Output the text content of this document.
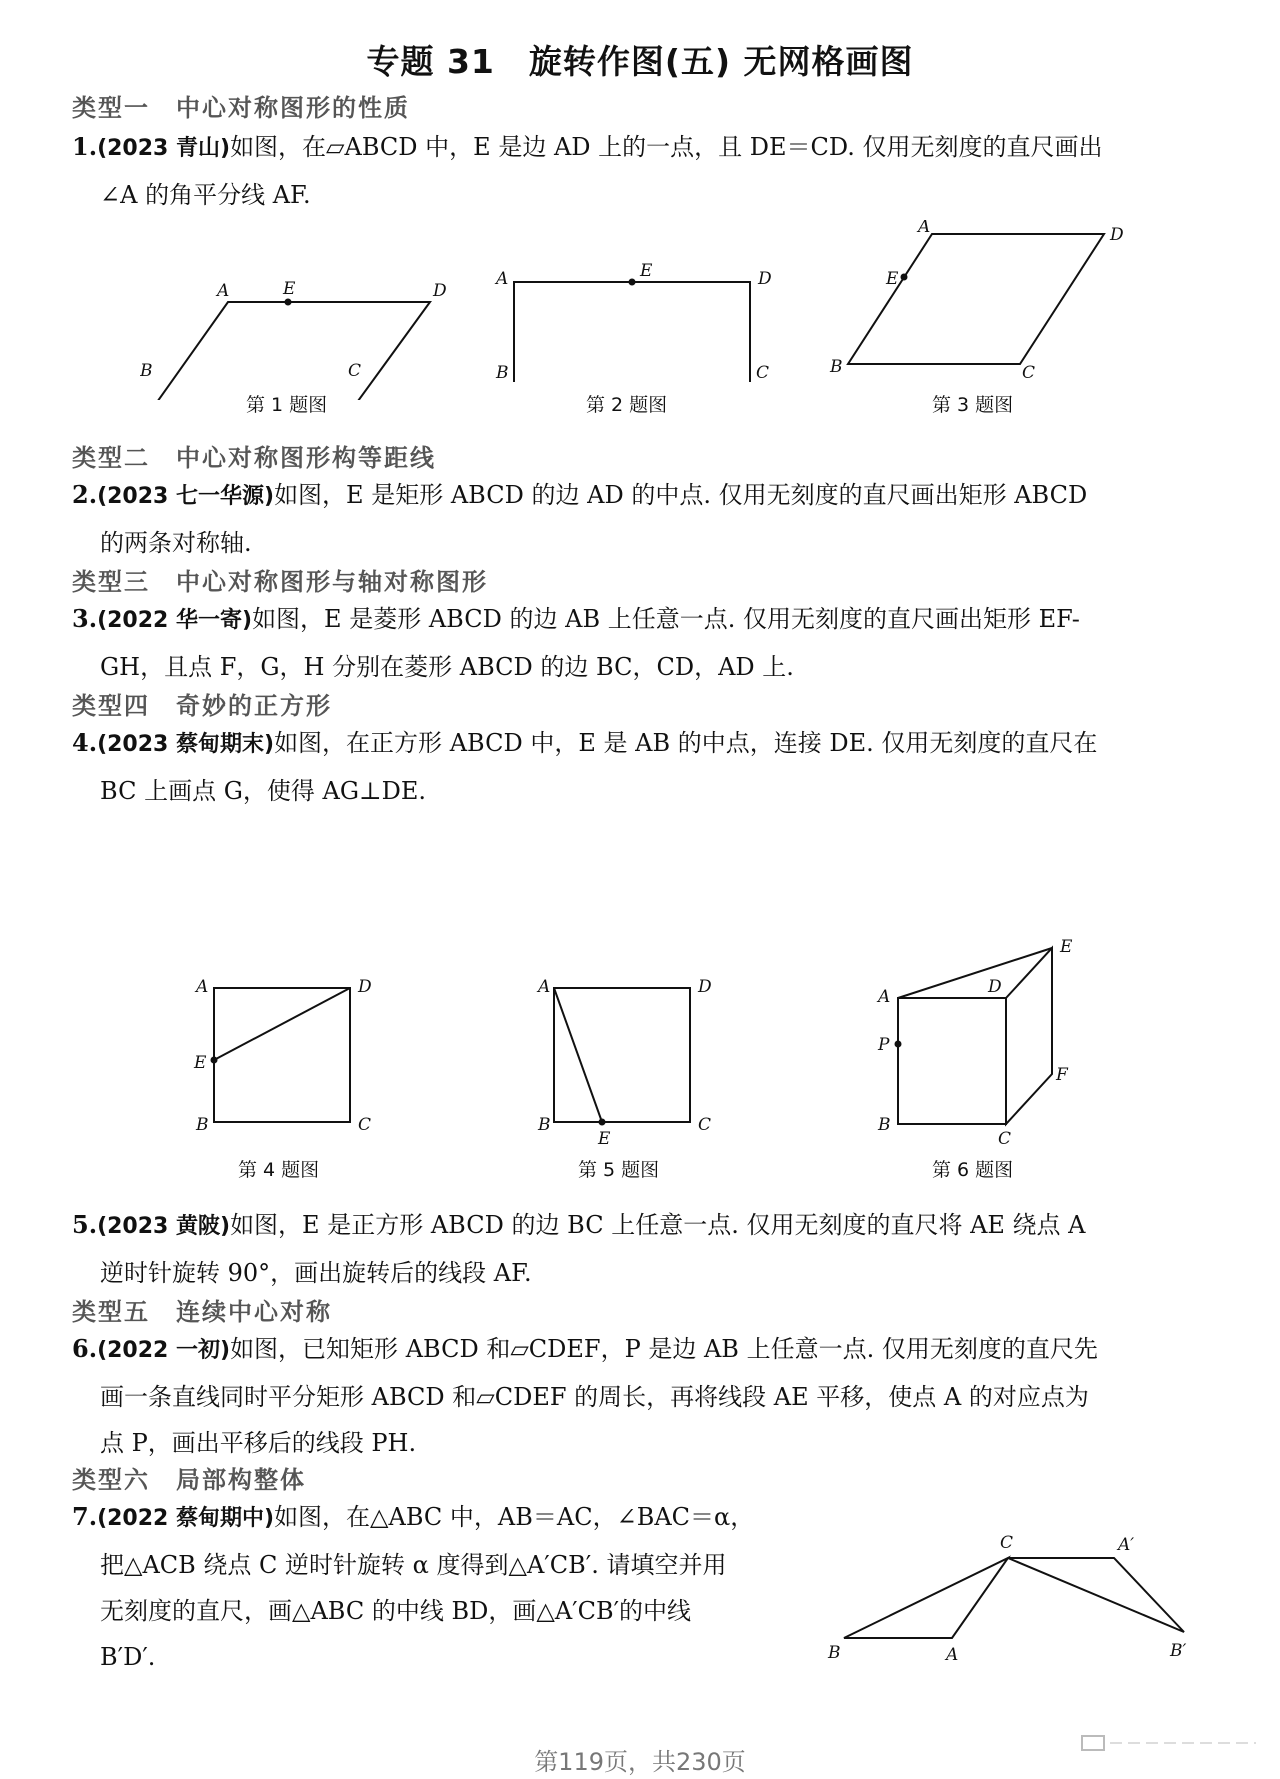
专题 31　旋转作图(五) 无网格画图
类型一　中心对称图形的性质
1.(2023 青山)如图，在▱ABCD 中，E 是边 AD 上的一点，且 DE＝CD. 仅用无刻度的直尺画出
∠A 的角平分线 AF.
A	E	D
B	C
第 1 题图
A	E	D
B	C
第 2 题图
A	D
E
B	C
第 3 题图
类型二　中心对称图形构等距线
2.(2023 七一华源)如图，E 是矩形 ABCD 的边 AD 的中点. 仅用无刻度的直尺画出矩形 ABCD
的两条对称轴.
类型三　中心对称图形与轴对称图形
3.(2022 华一寄)如图，E 是菱形 ABCD 的边 AB 上任意一点. 仅用无刻度的直尺画出矩形 EF-
GH，且点 F，G，H 分别在菱形 ABCD 的边 BC，CD，AD 上.
类型四　奇妙的正方形
4.(2023 蔡甸期末)如图，在正方形 ABCD 中，E 是 AB 的中点，连接 DE. 仅用无刻度的直尺在
BC 上画点 G，使得 AG⊥DE.
A	D
E
B	C
第 4 题图
A	D
B
E
C
第 5 题图
E
A	D
P
F
B
C
第 6 题图
5.(2023 黄陂)如图，E 是正方形 ABCD 的边 BC 上任意一点. 仅用无刻度的直尺将 AE 绕点 A
逆时针旋转 90°，画出旋转后的线段 AF.
类型五　连续中心对称
6.(2022 一初)如图，已知矩形 ABCD 和▱CDEF，P 是边 AB 上任意一点. 仅用无刻度的直尺先
画一条直线同时平分矩形 ABCD 和▱CDEF 的周长，再将线段 AE 平移，使点 A 的对应点为
点 P，画出平移后的线段 PH.
类型六　局部构整体
7.(2022 蔡甸期中)如图，在△ABC 中，AB＝AC，∠BAC＝α，
把△ACB 绕点 C 逆时针旋转 α 度得到△A′CB′. 请填空并用
无刻度的直尺，画△ABC 的中线 BD，画△A′CB′的中线
B′D′.
C	A′
B	A	B′
第119页，共230页
